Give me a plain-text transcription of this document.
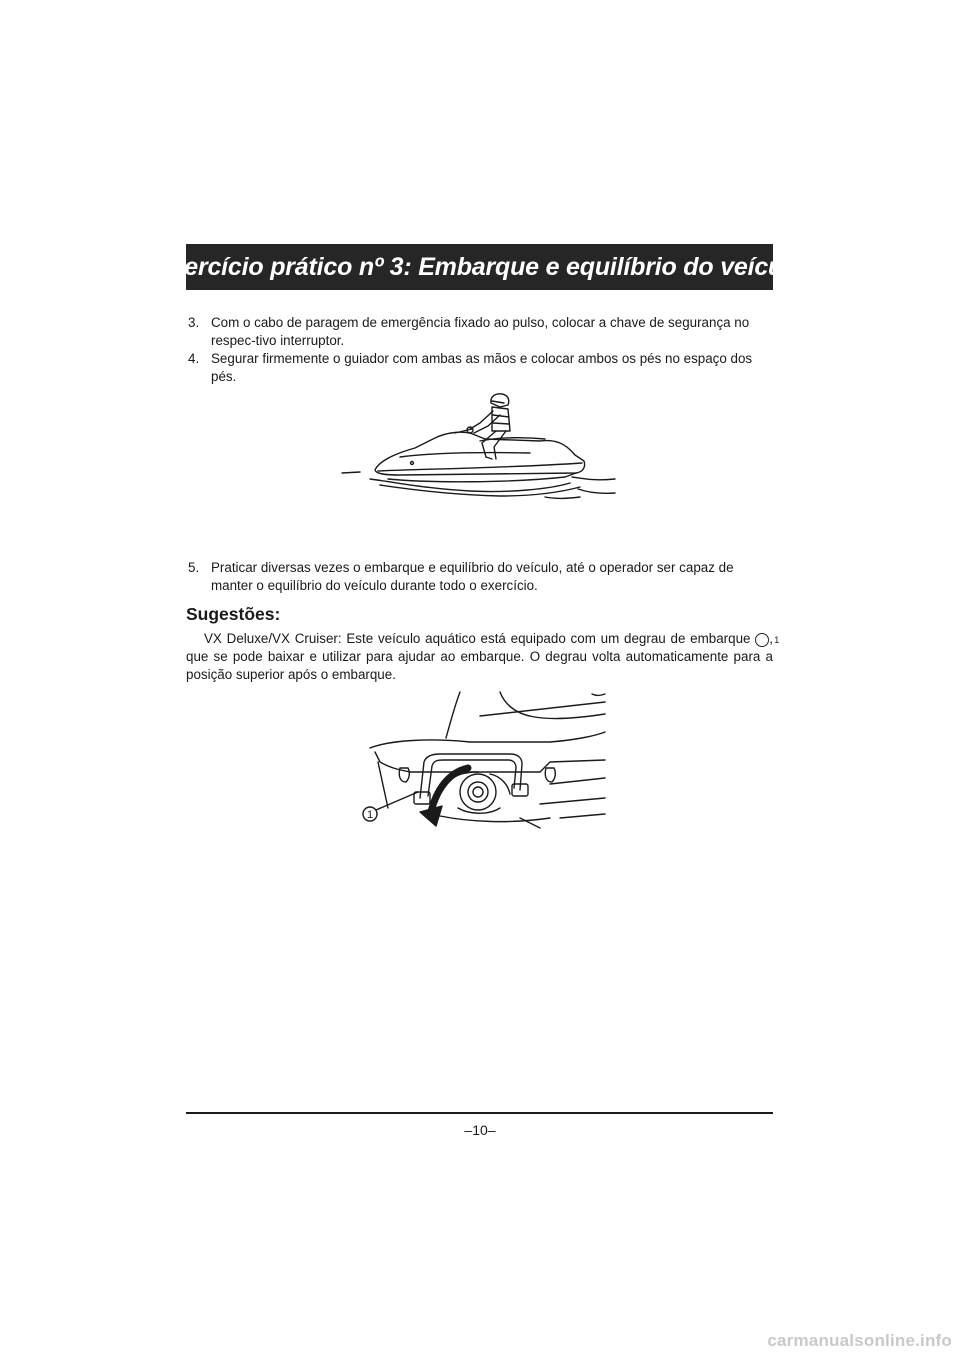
Exercício prático nº 3: Embarque e equilíbrio do veículo

3. Com o cabo de paragem de emergência fixado ao pulso, colocar a chave de segurança no respec-tivo interruptor.

4. Segurar firmemente o guiador com ambas as mãos e colocar ambos os pés no espaço dos pés.

5. Praticar diversas vezes o embarque e equilíbrio do veículo, até o operador ser capaz de manter o equilíbrio do veículo durante todo o exercício.

Sugestões:

VX Deluxe/VX Cruiser: Este veículo aquático está equipado com um degrau de embarque 1, que se pode baixar e utilizar para ajudar ao embarque. O degrau volta automaticamente para a posição superior após o embarque.

1
–10–
carmanualsonline.info
